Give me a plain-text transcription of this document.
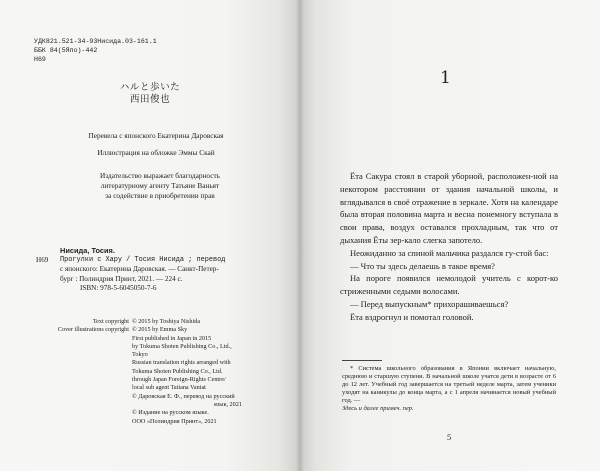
УДК821.521-34-93Нисида.03-161.1
ББК 84(5Япо)-442
Н69
ハルと歩いた
西田俊也
Перевела с японского Екатерина Даровская
Иллюстрация на обложке Эммы Скай
Издательство выражает благодарность
литературному агенту Татьяне Ваньят
за содействие в приобретении прав
Нисида, Тосия.
Н69	Прогулки с Хару / Тосия Нисида ; перевод
с японского: Екатерина Даровская. — Санкт-Петер-
бург : Полиндрия Принт, 2021. — 224 с.
ISBN: 978-5-6045050-7-6
Text copyright © 2015 by Toshiya Nishida
Cover illustrations copyright © 2015 by Emma Sky
First published in Japan in 2015
by Tokuma Shoten Publishing Co., Ltd.,
Tokyo
Russian translation rights arranged with
Tokuma Shoten Publishing Co., Ltd.
through Japan Foreign-Rights Centre/
local sub agent Tatiana Vaniat
© Даровская Е. Ф., перевод на русский
язык, 2021
© Издание на русском языке.
ООО «Полиндрия Принт», 2021
1

Ёта Сакура стоял в старой уборной, расположен-ной на некотором расстоянии от здания начальной школы, и вглядывался в своё отражение в зеркале. Хотя на календаре была вторая половина марта и весна понемногу вступала в свои права, воздух оставался прохладным, так что от дыхания Ёты зер-кало слегка запотело.

Неожиданно за спиной мальчика раздался гу-стой бас:

— Что ты здесь делаешь в такое время?

На пороге появился немолодой учитель с корот-ко стриженными седыми волосами.

— Перед выпускным* прихорашиваешься?

Ёта вздрогнул и помотал головой.

* Система школьного образования в Японии включает начальную, среднюю и старшую ступени. В начальной школе учатся дети в возрасте от 6 до 12 лет. Учебный год завершается на третьей неделе марта, затем ученики уходят на каникулы до конца марта, а с 1 апреля начинается новый учебный год. —

Здесь и далее примеч. пер.
5
